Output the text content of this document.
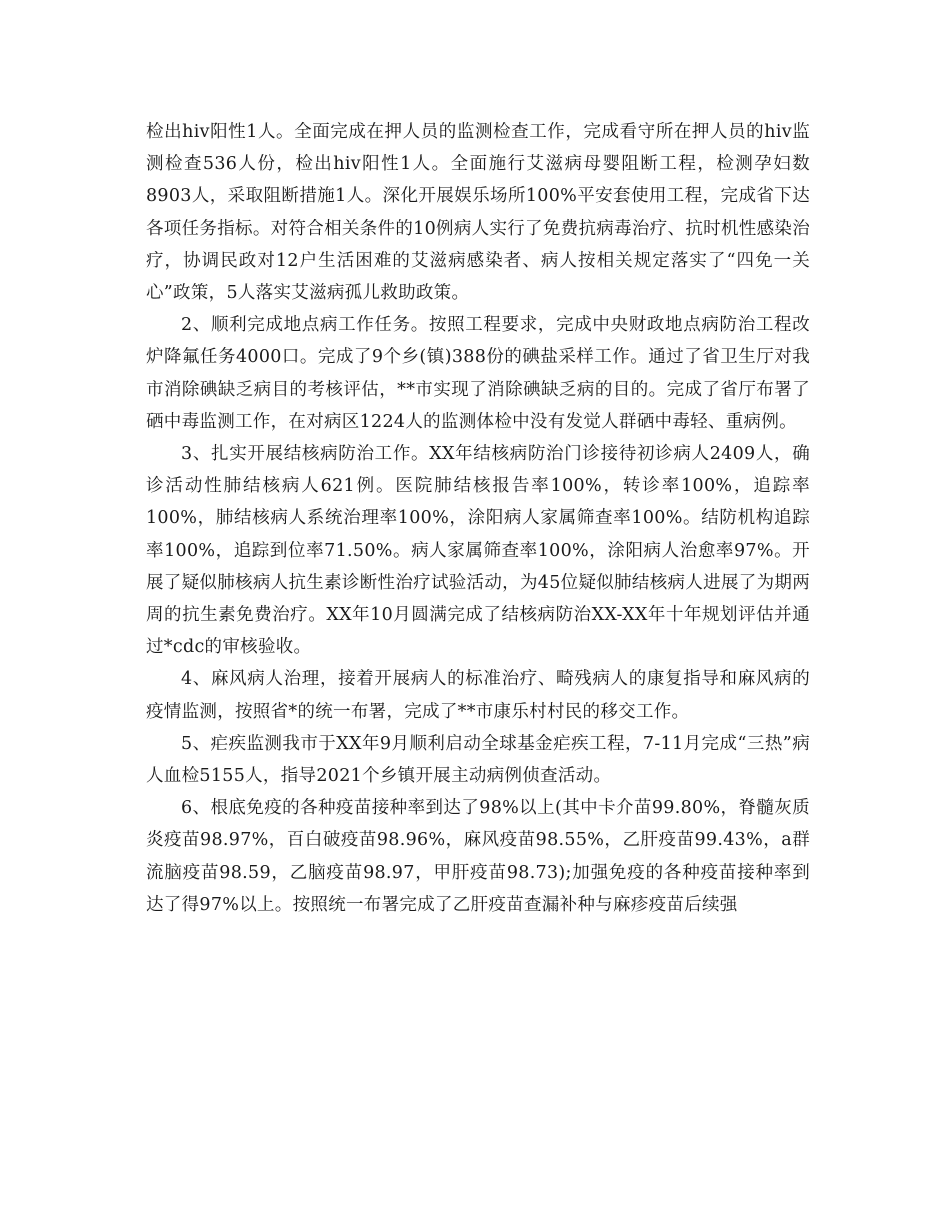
检出hiv阳性1人。全面完成在押人员的监测检查工作，完成看守所在押人员的hiv监测检查536人份，检出hiv阳性1人。全面施行艾滋病母婴阻断工程，检测孕妇数8903人，采取阻断措施1人。深化开展娱乐场所100%平安套使用工程，完成省下达各项任务指标。对符合相关条件的10例病人实行了免费抗病毒治疗、抗时机性感染治疗，协调民政对12户生活困难的艾滋病感染者、病人按相关规定落实了“四免一关心”政策，5人落实艾滋病孤儿救助政策。

2、顺利完成地点病工作任务。按照工程要求，完成中央财政地点病防治工程改炉降氟任务4000口。完成了9个乡(镇)388份的碘盐采样工作。通过了省卫生厅对我市消除碘缺乏病目的考核评估，**市实现了消除碘缺乏病的目的。完成了省厅布署了硒中毒监测工作，在对病区1224人的监测体检中没有发觉人群硒中毒轻、重病例。

3、扎实开展结核病防治工作。XX年结核病防治门诊接待初诊病人2409人，确诊活动性肺结核病人621例。医院肺结核报告率100%，转诊率100%，追踪率100%，肺结核病人系统治理率100%，涂阳病人家属筛查率100%。结防机构追踪率100%，追踪到位率71.50%。病人家属筛查率100%，涂阳病人治愈率97%。开展了疑似肺核病人抗生素诊断性治疗试验活动，为45位疑似肺结核病人进展了为期两周的抗生素免费治疗。XX年10月圆满完成了结核病防治XX-XX年十年规划评估并通过*cdc的审核验收。

4、麻风病人治理，接着开展病人的标准治疗、畸残病人的康复指导和麻风病的疫情监测，按照省*的统一布署，完成了**市康乐村村民的移交工作。

5、疟疾监测我市于XX年9月顺利启动全球基金疟疾工程，7-11月完成“三热”病人血检5155人，指导2021个乡镇开展主动病例侦查活动。

6、根底免疫的各种疫苗接种率到达了98%以上(其中卡介苗99.80%，脊髓灰质炎疫苗98.97%，百白破疫苗98.96%，麻风疫苗98.55%，乙肝疫苗99.43%，a群流脑疫苗98.59，乙脑疫苗98.97，甲肝疫苗98.73);加强免疫的各种疫苗接种率到达了得97%以上。按照统一布署完成了乙肝疫苗查漏补种与麻疹疫苗后续强
